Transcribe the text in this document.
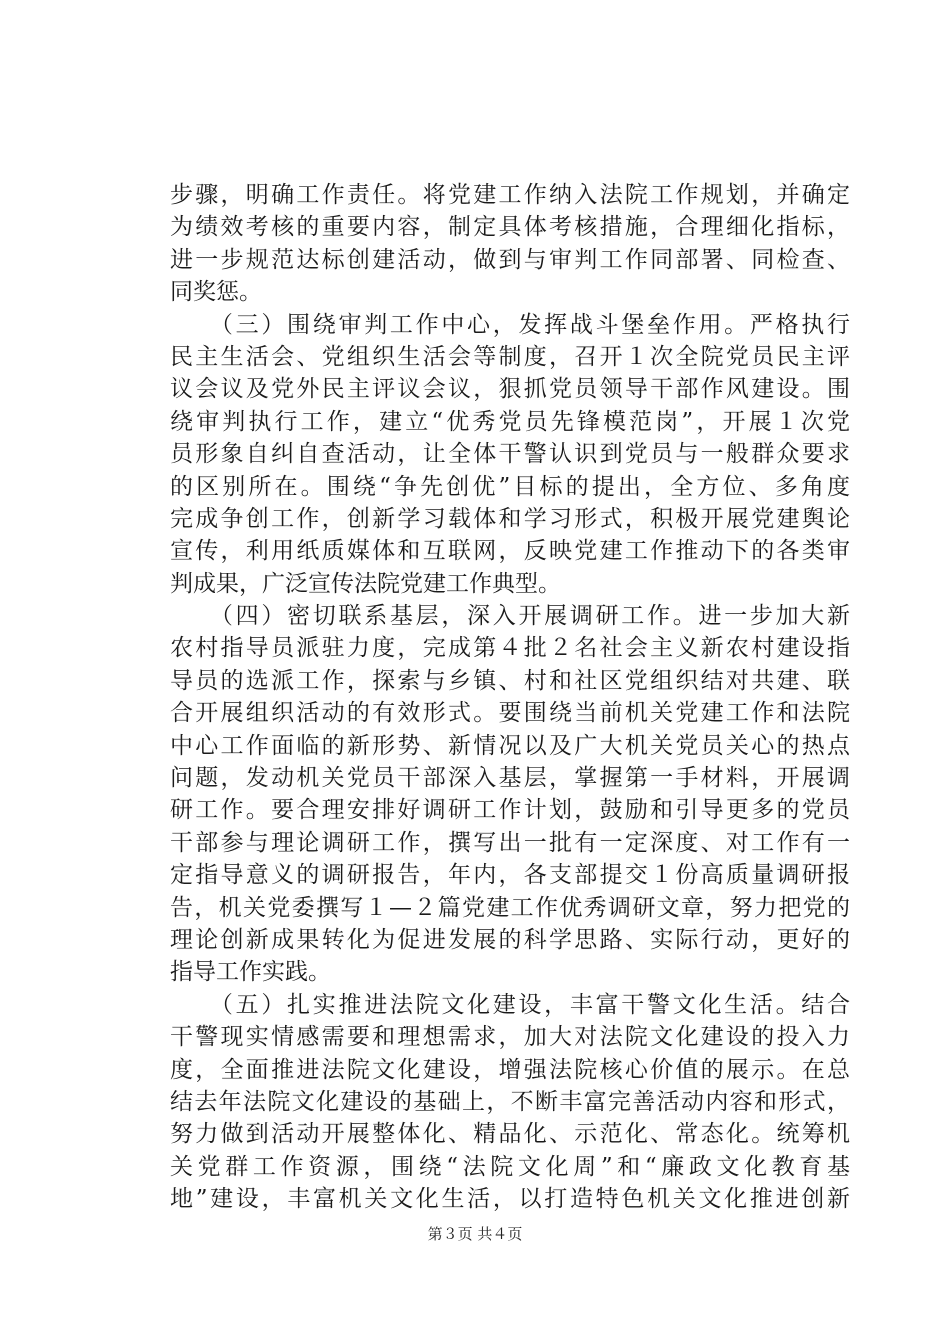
步骤，明确工作责任。将党建工作纳入法院工作规划，并确定
为绩效考核的重要内容，制定具体考核措施，合理细化指标，
进一步规范达标创建活动，做到与审判工作同部署、同检查、
同奖惩。
　　（三）围绕审判工作中心，发挥战斗堡垒作用。严格执行
民主生活会、党组织生活会等制度，召开１次全院党员民主评
议会议及党外民主评议会议，狠抓党员领导干部作风建设。围
绕审判执行工作，建立“优秀党员先锋模范岗”，开展１次党
员形象自纠自查活动，让全体干警认识到党员与一般群众要求
的区别所在。围绕“争先创优”目标的提出，全方位、多角度
完成争创工作，创新学习载体和学习形式，积极开展党建舆论
宣传，利用纸质媒体和互联网，反映党建工作推动下的各类审
判成果，广泛宣传法院党建工作典型。
　　（四）密切联系基层，深入开展调研工作。进一步加大新
农村指导员派驻力度，完成第４批２名社会主义新农村建设指
导员的选派工作，探索与乡镇、村和社区党组织结对共建、联
合开展组织活动的有效形式。要围绕当前机关党建工作和法院
中心工作面临的新形势、新情况以及广大机关党员关心的热点
问题，发动机关党员干部深入基层，掌握第一手材料，开展调
研工作。要合理安排好调研工作计划，鼓励和引导更多的党员
干部参与理论调研工作，撰写出一批有一定深度、对工作有一
定指导意义的调研报告，年内，各支部提交１份高质量调研报
告，机关党委撰写１—２篇党建工作优秀调研文章，努力把党的
理论创新成果转化为促进发展的科学思路、实际行动，更好的
指导工作实践。
　　（五）扎实推进法院文化建设，丰富干警文化生活。结合
干警现实情感需要和理想需求，加大对法院文化建设的投入力
度，全面推进法院文化建设，增强法院核心价值的展示。在总
结去年法院文化建设的基础上，不断丰富完善活动内容和形式，
努力做到活动开展整体化、精品化、示范化、常态化。统筹机
关党群工作资源，围绕“法院文化周”和“廉政文化教育基
地”建设，丰富机关文化生活，以打造特色机关文化推进创新
第３页 共４页
